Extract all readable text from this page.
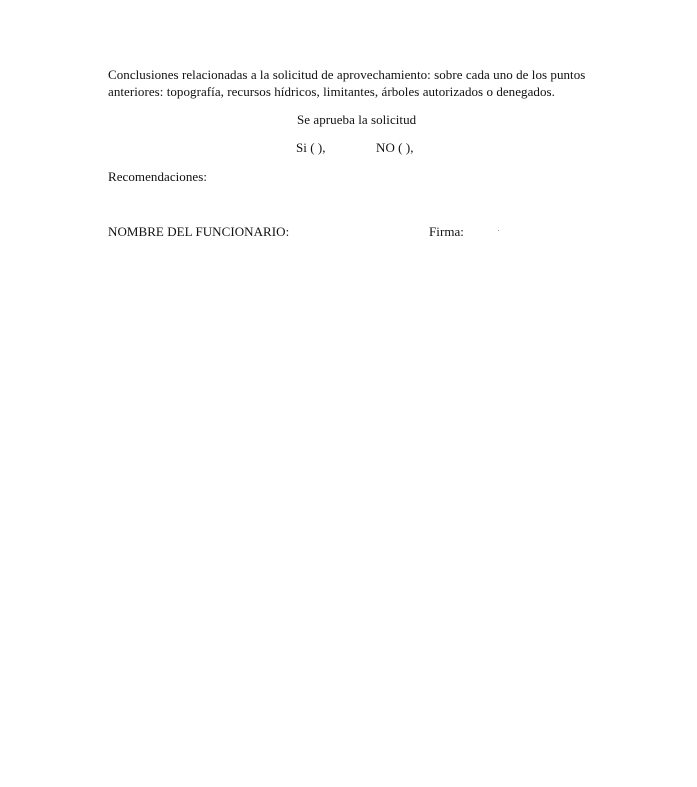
Conclusiones relacionadas a la solicitud de aprovechamiento: sobre cada uno de los puntos
anteriores: topografía, recursos hídricos, limitantes, árboles autorizados o denegados.
Se aprueba la solicitud
Si ( ),	NO ( ),
Recomendaciones:
NOMBRE DEL FUNCIONARIO:	Firma:
